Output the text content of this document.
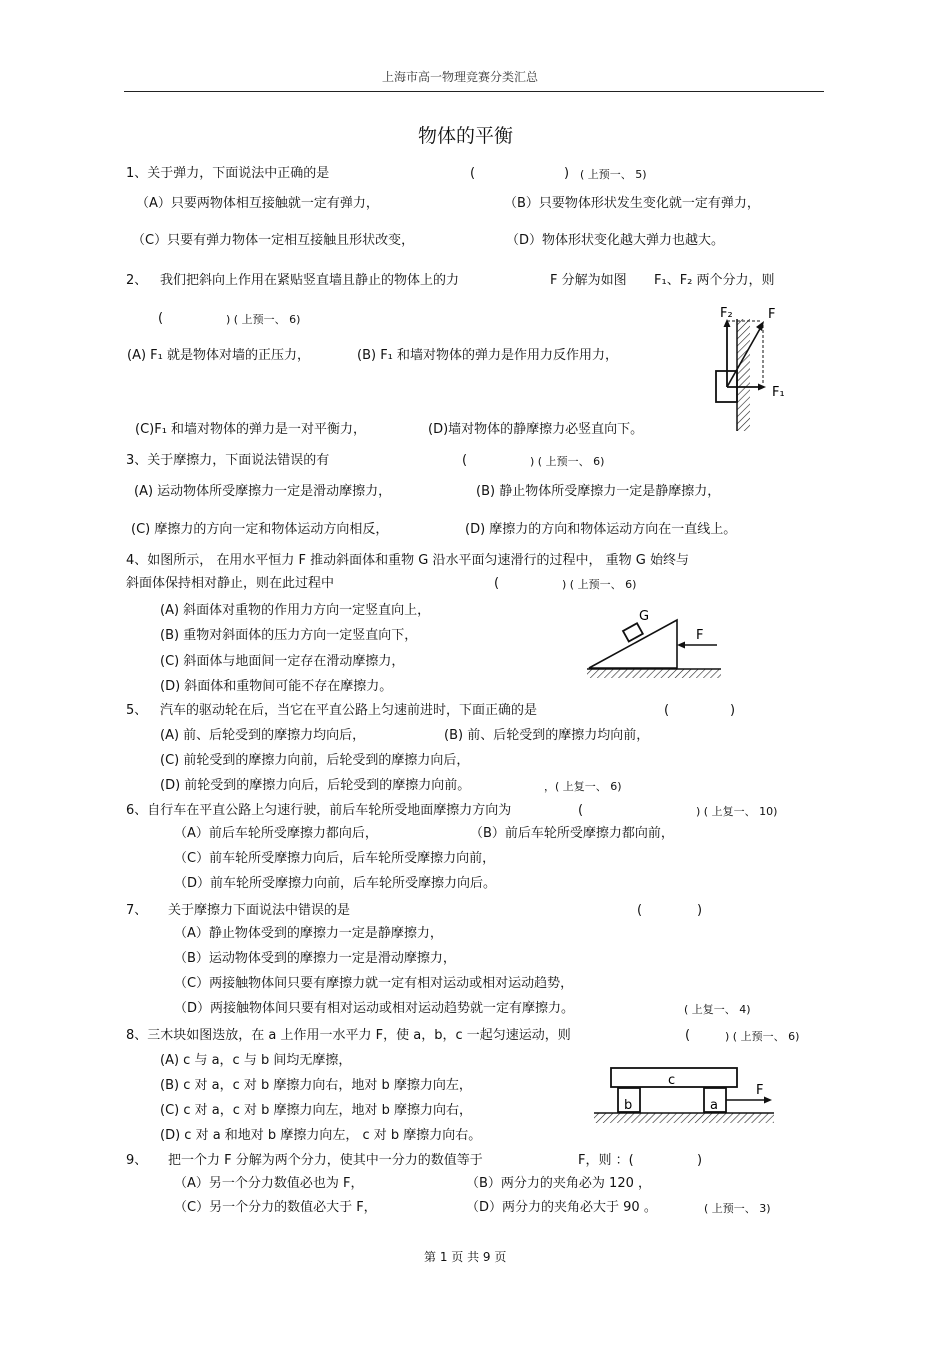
上海市高一物理竞赛分类汇总
物体的平衡
1、关于弹力，下面说法中正确的是	(	) ( 上预一、 5)
（A）只要两物体相互接触就一定有弹力，	（B）只要物体形状发生变化就一定有弹力，
（C）只要有弹力物体一定相互接触且形状改变，	（D）物体形状变化越大弹力也越大。
2、 我们把斜向上作用在紧贴竖直墙且静止的物体上的力	F 分解为如图 F₁、F₂ 两个分力，则
(	) ( 上预一、 6)
(A) F₁ 就是物体对墙的正压力，	(B) F₁ 和墙对物体的弹力是作用力反作用力，
(C)F₁ 和墙对物体的弹力是一对平衡力，	(D)墙对物体的静摩擦力必竖直向下。
F₂	F
F₁
3、关于摩擦力，下面说法错误的有	(	) ( 上预一、 6)
(A) 运动物体所受摩擦力一定是滑动摩擦力，	(B) 静止物体所受摩擦力一定是静摩擦力，
(C) 摩擦力的方向一定和物体运动方向相反，	(D) 摩擦力的方向和物体运动方向在一直线上。
4、如图所示， 在用水平恒力 F 推动斜面体和重物 G 沿水平面匀速滑行的过程中， 重物 G 始终与
斜面体保持相对静止，则在此过程中	(	) ( 上预一、 6)
(A) 斜面体对重物的作用力方向一定竖直向上，
(B) 重物对斜面体的压力方向一定竖直向下，
(C) 斜面体与地面间一定存在滑动摩擦力，
(D) 斜面体和重物间可能不存在摩擦力。
G
F
5、 汽车的驱动轮在后，当它在平直公路上匀速前进时，下面正确的是	(	)
(A) 前、后轮受到的摩擦力均向后，	(B) 前、后轮受到的摩擦力均向前，
(C) 前轮受到的摩擦力向前，后轮受到的摩擦力向后，
(D) 前轮受到的摩擦力向后，后轮受到的摩擦力向前。	，( 上复一、 6)
6、自行车在平直公路上匀速行驶，前后车轮所受地面摩擦力方向为	(	) ( 上复一、 10)
（A）前后车轮所受摩擦力都向后，	（B）前后车轮所受摩擦力都向前，
（C）前车轮所受摩擦力向后，后车轮所受摩擦力向前，
（D）前车轮所受摩擦力向前，后车轮所受摩擦力向后。
7、 关于摩擦力下面说法中错误的是	(	)
（A）静止物体受到的摩擦力一定是静摩擦力，
（B）运动物体受到的摩擦力一定是滑动摩擦力，
（C）两接触物体间只要有摩擦力就一定有相对运动或相对运动趋势，
（D）两接触物体间只要有相对运动或相对运动趋势就一定有摩擦力。	( 上复一、 4)
8、三木块如图迭放，在 a 上作用一水平力 F，使 a，b，c 一起匀速运动，则	(	) ( 上预一、 6)
(A) c 与 a，c 与 b 间均无摩擦，
(B) c 对 a，c 对 b 摩擦力向右，地对 b 摩擦力向左，
(C) c 对 a，c 对 b 摩擦力向左，地对 b 摩擦力向右，
(D) c 对 a 和地对 b 摩擦力向左， c 对 b 摩擦力向右。
c
b	a
F
9、 把一个力 F 分解为两个分力，使其中一分力的数值等于	F，则 ：(	)
（A）另一个分力数值必也为 F，	（B）两分力的夹角必为 120 ，
（C）另一个分力的数值必大于 F，	（D）两分力的夹角必大于 90 。	( 上预一、 3)
第 1 页 共 9 页
